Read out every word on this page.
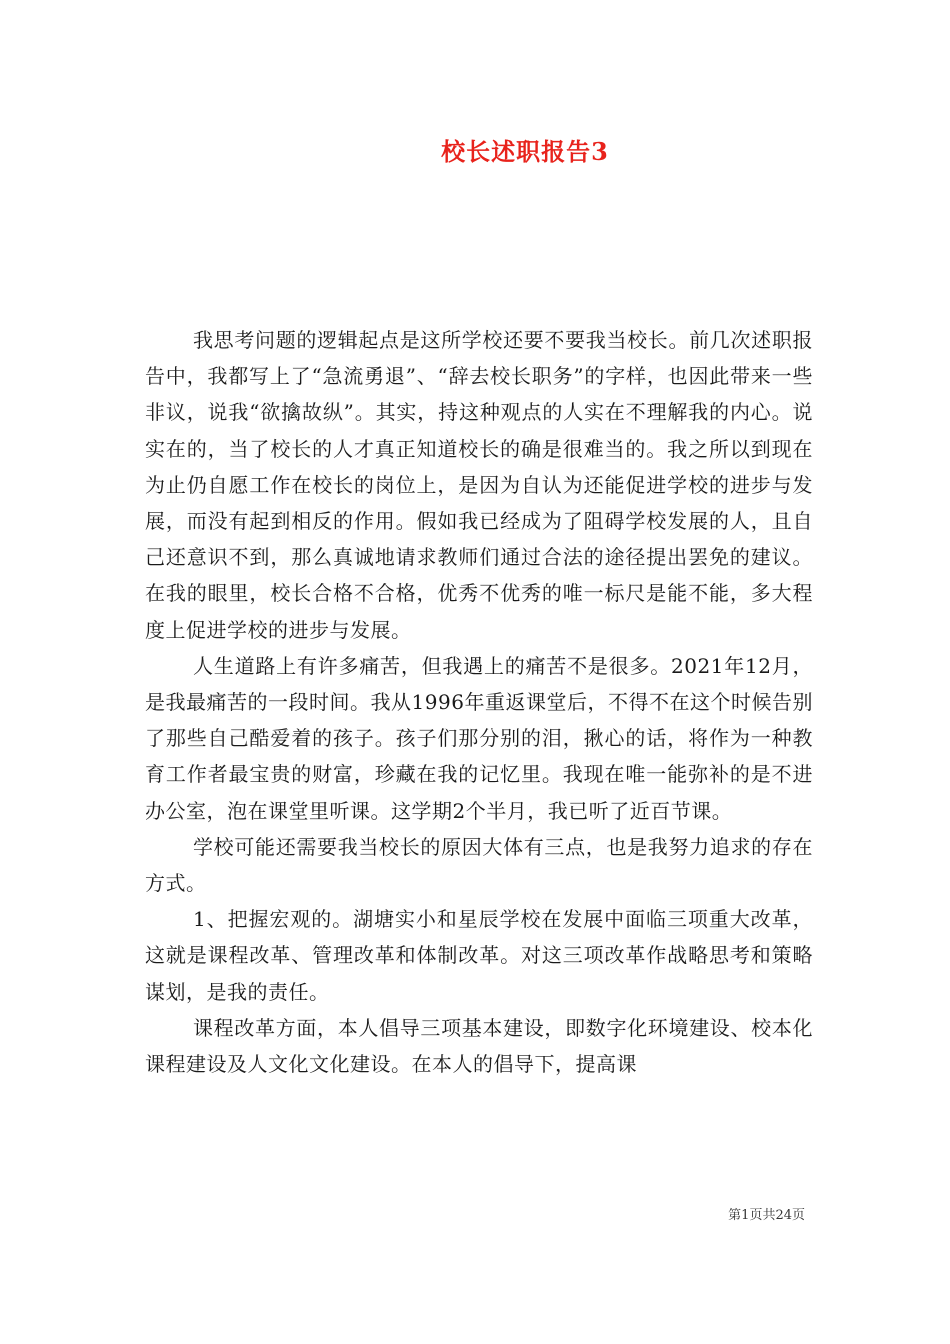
校长述职报告3

我思考问题的逻辑起点是这所学校还要不要我当校长。前几次述职报告中，我都写上了“急流勇退”、“辞去校长职务”的字样，也因此带来一些非议，说我“欲擒故纵”。其实，持这种观点的人实在不理解我的内心。说实在的，当了校长的人才真正知道校长的确是很难当的。我之所以到现在为止仍自愿工作在校长的岗位上，是因为自认为还能促进学校的进步与发展，而没有起到相反的作用。假如我已经成为了阻碍学校发展的人，且自己还意识不到，那么真诚地请求教师们通过合法的途径提出罢免的建议。在我的眼里，校长合格不合格，优秀不优秀的唯一标尺是能不能，多大程度上促进学校的进步与发展。

人生道路上有许多痛苦，但我遇上的痛苦不是很多。2021年12月，是我最痛苦的一段时间。我从1996年重返课堂后，不得不在这个时候告别了那些自己酷爱着的孩子。孩子们那分别的泪，揪心的话，将作为一种教育工作者最宝贵的财富，珍藏在我的记忆里。我现在唯一能弥补的是不进办公室，泡在课堂里听课。这学期2个半月，我已听了近百节课。

学校可能还需要我当校长的原因大体有三点，也是我努力追求的存在方式。

1、把握宏观的。湖塘实小和星辰学校在发展中面临三项重大改革，这就是课程改革、管理改革和体制改革。对这三项改革作战略思考和策略谋划，是我的责任。

课程改革方面，本人倡导三项基本建设，即数字化环境建设、校本化课程建设及人文化文化建设。在本人的倡导下，提高课

第1页共24页
